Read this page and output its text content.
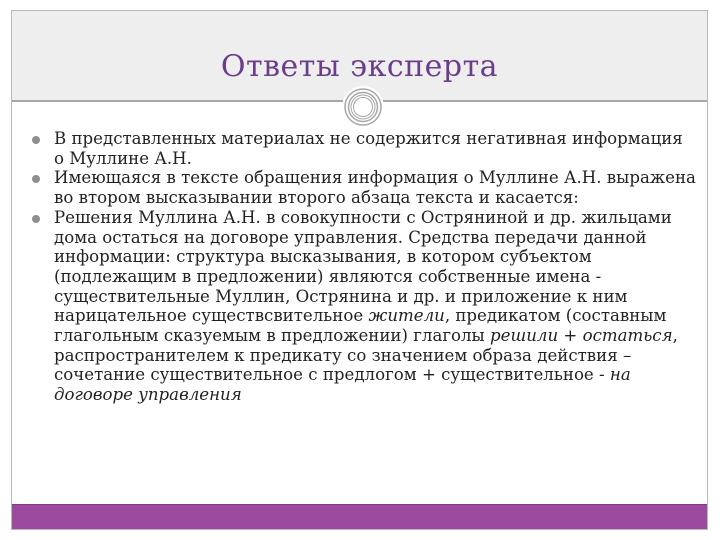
Ответы эксперта
В представленных материалах не содержится негативная информация о Муллине А.Н.
Имеющаяся в тексте обращения информация о Муллине А.Н. выражена во втором высказывании второго абзаца текста и касается:
Решения Муллина А.Н. в совокупности с Остряниной и др. жильцами дома остаться на договоре управления. Средства передачи данной информации: структура высказывания, в котором субъектом (подлежащим в предложении) являются собственные имена - существительные Муллин, Острянина и др. и приложение к ним нарицательное существсвительное жители, предикатом (составным глагольным сказуемым в предложении) глаголы решили + остаться, распространителем к предикату со значением образа действия – сочетание существительное с предлогом + существительное - на договоре управления
